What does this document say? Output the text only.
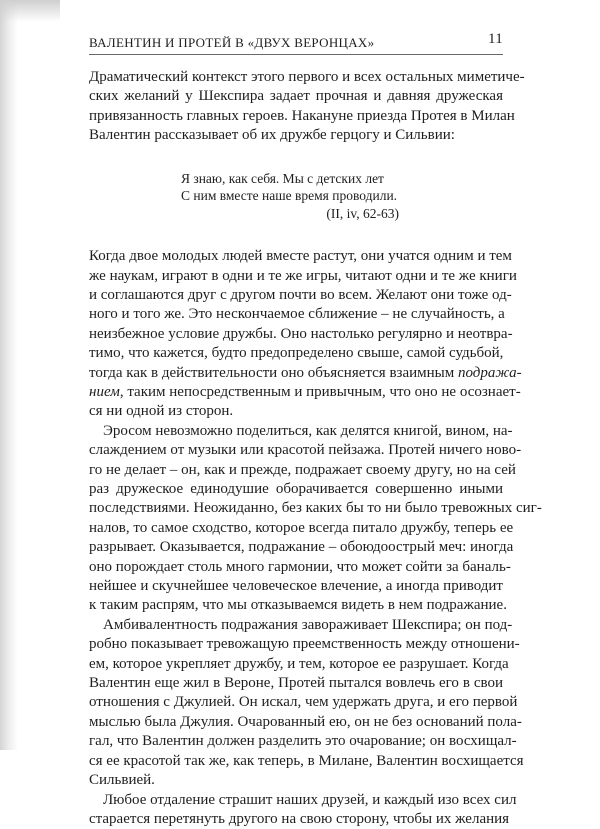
ВАЛЕНТИН И ПРОТЕЙ В «ДВУХ ВЕРОНЦАХ»	11
Драматический контекст этого первого и всех остальных миметиче-
ских желаний у Шекспира задает прочная и давняя дружеская
привязанность главных героев. Накануне приезда Протея в Милан
Валентин рассказывает об их дружбе герцогу и Сильвии:
Я знаю, как себя. Мы с детских лет
С ним вместе наше время проводили.
(II, iv, 62-63)
Когда двое молодых людей вместе растут, они учатся одним и тем
же наукам, играют в одни и те же игры, читают одни и те же книги
и соглашаются друг с другом почти во всем. Желают они тоже од-
ного и того же. Это нескончаемое сближение – не случайность, а
неизбежное условие дружбы. Оно настолько регулярно и неотвра-
тимо, что кажется, будто предопределено свыше, самой судьбой,
тогда как в действительности оно объясняется взаимным подража-
нием, таким непосредственным и привычным, что оно не осознает-
ся ни одной из сторон.
Эросом невозможно поделиться, как делятся книгой, вином, на-
слаждением от музыки или красотой пейзажа. Протей ничего ново-
го не делает – он, как и прежде, подражает своему другу, но на сей
раз дружеское единодушие оборачивается совершенно иными
последствиями. Неожиданно, без каких бы то ни было тревожных сиг-
налов, то самое сходство, которое всегда питало дружбу, теперь ее
разрывает. Оказывается, подражание – обоюдоострый меч: иногда
оно порождает столь много гармонии, что может сойти за баналь-
нейшее и скучнейшее человеческое влечение, а иногда приводит
к таким распрям, что мы отказываемся видеть в нем подражание.
Амбивалентность подражания завораживает Шекспира; он под-
робно показывает тревожащую преемственность между отношени-
ем, которое укрепляет дружбу, и тем, которое ее разрушает. Когда
Валентин еще жил в Вероне, Протей пытался вовлечь его в свои
отношения с Джулией. Он искал, чем удержать друга, и его первой
мыслью была Джулия. Очарованный ею, он не без оснований пола-
гал, что Валентин должен разделить это очарование; он восхищал-
ся ее красотой так же, как теперь, в Милане, Валентин восхищается
Сильвией.
Любое отдаление страшит наших друзей, и каждый изо всех сил
старается перетянуть другого на свою сторону, чтобы их желания
